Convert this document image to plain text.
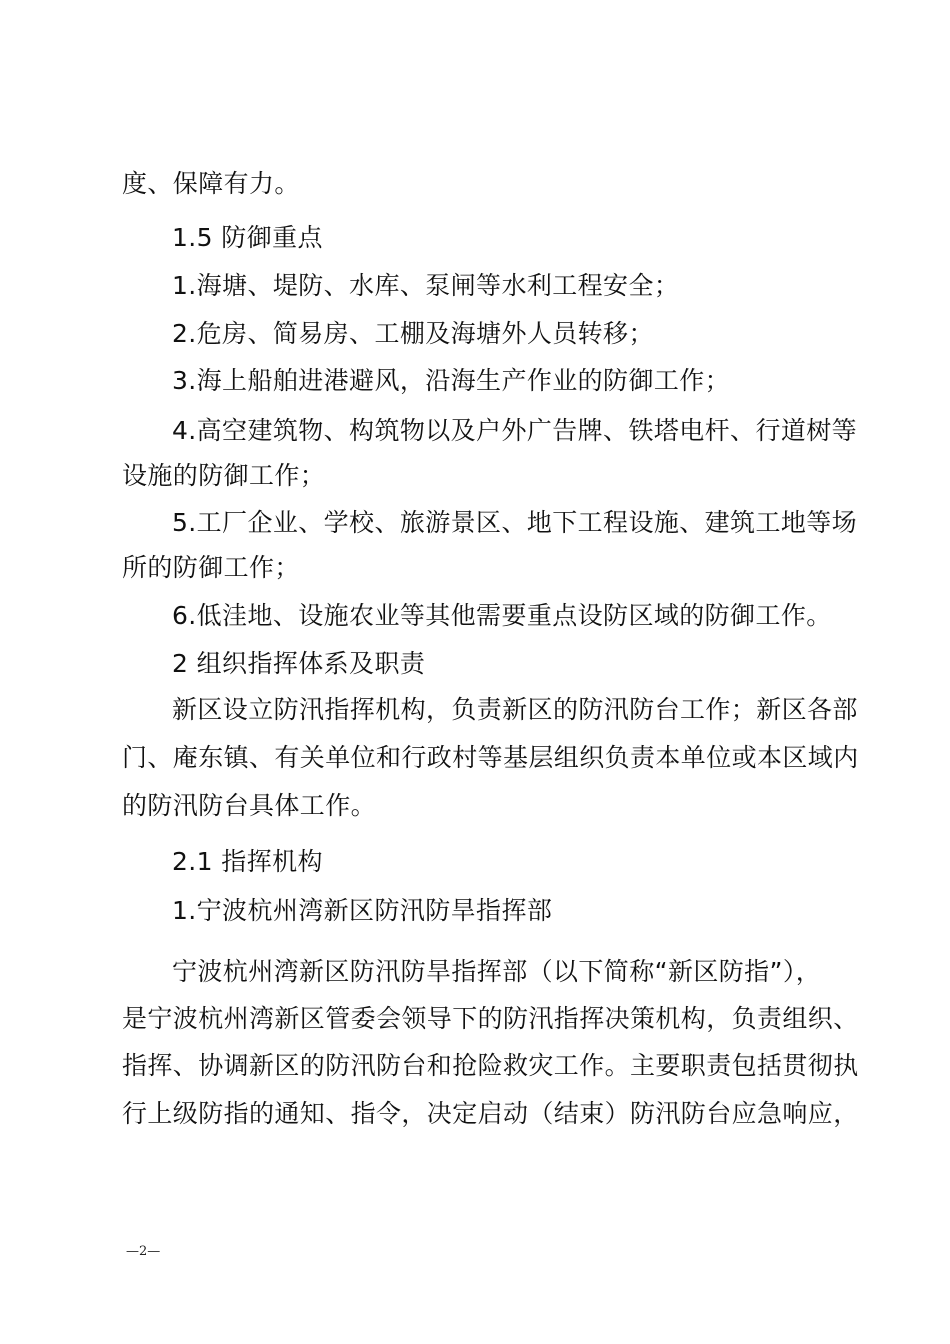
度、保障有力。
1.5 防御重点
1.海塘、堤防、水库、泵闸等水利工程安全；
2.危房、简易房、工棚及海塘外人员转移；
3.海上船舶进港避风，沿海生产作业的防御工作；
4.高空建筑物、构筑物以及户外广告牌、铁塔电杆、行道树等
设施的防御工作；
5.工厂企业、学校、旅游景区、地下工程设施、建筑工地等场
所的防御工作；
6.低洼地、设施农业等其他需要重点设防区域的防御工作。
2 组织指挥体系及职责
新区设立防汛指挥机构，负责新区的防汛防台工作；新区各部
门、庵东镇、有关单位和行政村等基层组织负责本单位或本区域内
的防汛防台具体工作。
2.1 指挥机构
1.宁波杭州湾新区防汛防旱指挥部
宁波杭州湾新区防汛防旱指挥部（以下简称“新区防指”），
是宁波杭州湾新区管委会领导下的防汛指挥决策机构，负责组织、
指挥、协调新区的防汛防台和抢险救灾工作。主要职责包括贯彻执
行上级防指的通知、指令，决定启动（结束）防汛防台应急响应，
—2—
